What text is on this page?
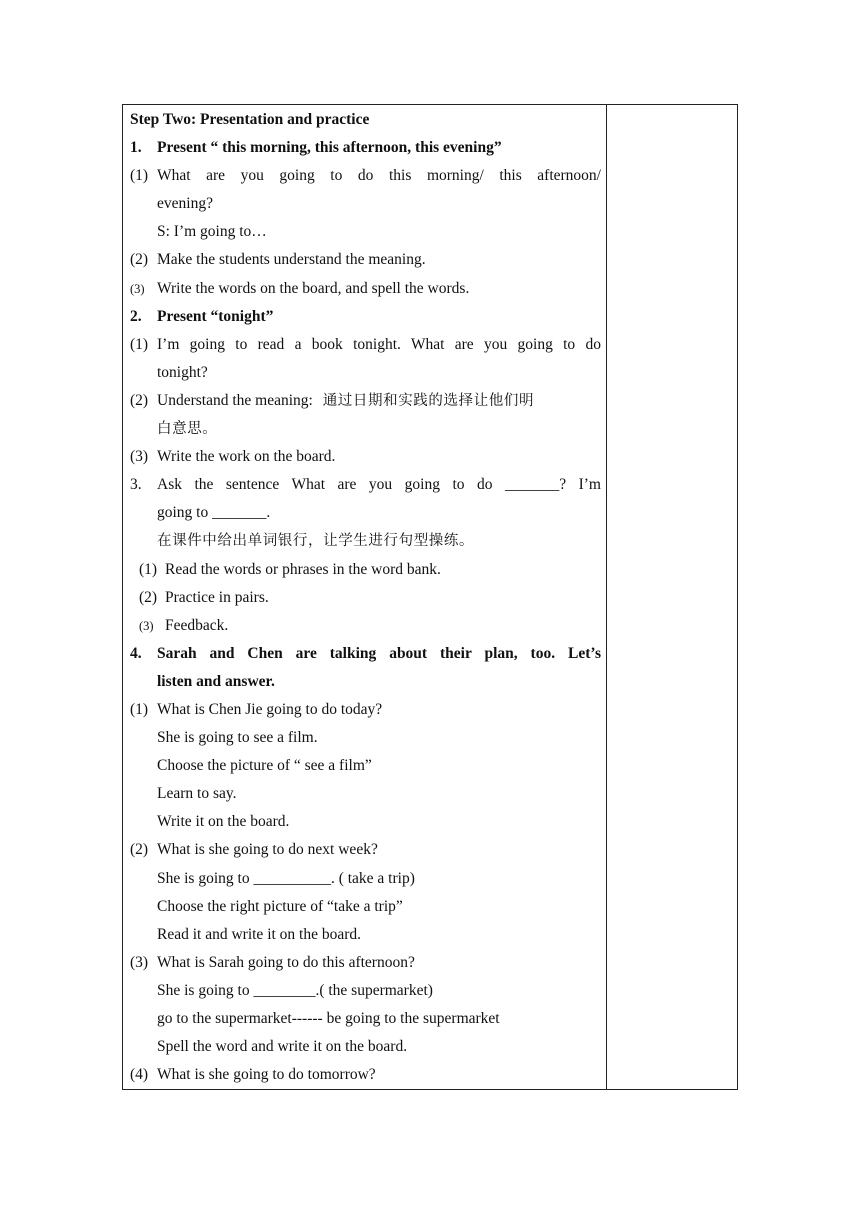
Step Two: Presentation and practice
1. Present “ this morning, this afternoon, this evening”
(1) What are you going to do this morning/ this afternoon/
evening?
S: I’m going to…
(2) Make the students understand the meaning.
(3) Write the words on the board, and spell the words.
2. Present “tonight”
(1) I’m going to read a book tonight. What are you going to do
tonight?
(2) Understand the meaning: 通过日期和实践的选择让他们明
白意思。
(3) Write the work on the board.
3. Ask the sentence What are you going to do _______? I’m
going to _______.
在课件中给出单词银行，让学生进行句型操练。
(1) Read the words or phrases in the word bank.
(2) Practice in pairs.
(3) Feedback.
4. Sarah and Chen are talking about their plan, too. Let’s
listen and answer.
(1) What is Chen Jie going to do today?
She is going to see a film.
Choose the picture of “ see a film”
Learn to say.
Write it on the board.
(2) What is she going to do next week?
She is going to __________. ( take a trip)
Choose the right picture of “take a trip”
Read it and write it on the board.
(3) What is Sarah going to do this afternoon?
She is going to ________.( the supermarket)
go to the supermarket------ be going to the supermarket
Spell the word and write it on the board.
(4) What is she going to do tomorrow?
